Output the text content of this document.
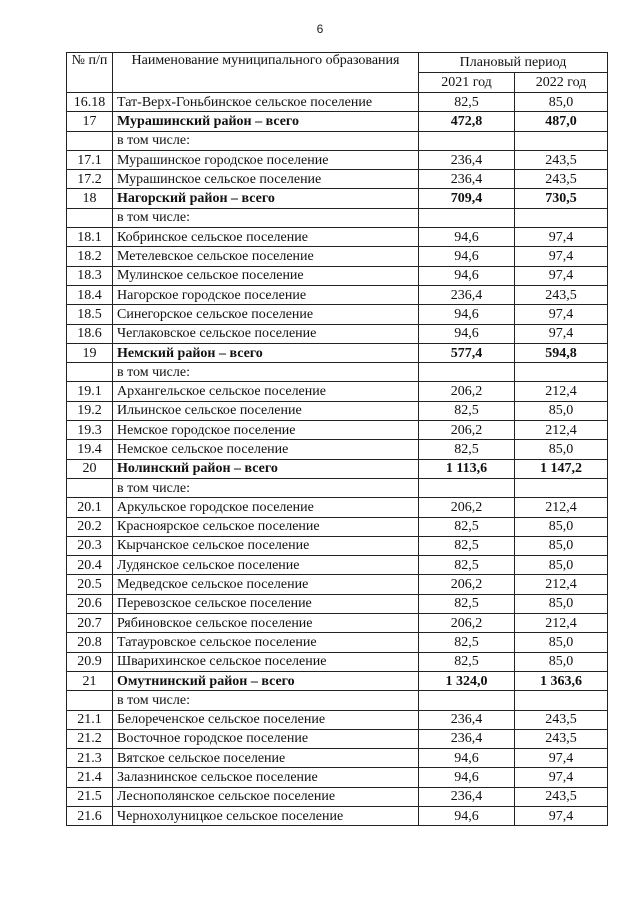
6
№ п/п	Наименование муниципального образования	Плановый период	
		2021 год	2022 год
16.18	Тат-Верх-Гоньбинское сельское поселение	82,5	85,0
17	Мурашинский район – всего	472,8	487,0
	в том числе:		
17.1	Мурашинское городское поселение	236,4	243,5
17.2	Мурашинское сельское поселение	236,4	243,5
18	Нагорский район – всего	709,4	730,5
	в том числе:		
18.1	Кобринское сельское поселение	94,6	97,4
18.2	Метелевское сельское поселение	94,6	97,4
18.3	Мулинское сельское поселение	94,6	97,4
18.4	Нагорское городское поселение	236,4	243,5
18.5	Синегорское сельское поселение	94,6	97,4
18.6	Чеглаковское сельское поселение	94,6	97,4
19	Немский район – всего	577,4	594,8
	в том числе:		
19.1	Архангельское сельское поселение	206,2	212,4
19.2	Ильинское сельское поселение	82,5	85,0
19.3	Немское городское поселение	206,2	212,4
19.4	Немское сельское поселение	82,5	85,0
20	Нолинский район – всего	1 113,6	1 147,2
	в том числе:		
20.1	Аркульское городское поселение	206,2	212,4
20.2	Красноярское сельское поселение	82,5	85,0
20.3	Кырчанское сельское поселение	82,5	85,0
20.4	Лудянское сельское поселение	82,5	85,0
20.5	Медведское сельское поселение	206,2	212,4
20.6	Перевозское сельское поселение	82,5	85,0
20.7	Рябиновское сельское поселение	206,2	212,4
20.8	Татауровское сельское поселение	82,5	85,0
20.9	Шварихинское сельское поселение	82,5	85,0
21	Омутнинский район – всего	1 324,0	1 363,6
	в том числе:		
21.1	Белореченское сельское поселение	236,4	243,5
21.2	Восточное городское поселение	236,4	243,5
21.3	Вятское сельское поселение	94,6	97,4
21.4	Залазнинское сельское поселение	94,6	97,4
21.5	Леснополянское сельское поселение	236,4	243,5
21.6	Чернохолуницкое сельское поселение	94,6	97,4
